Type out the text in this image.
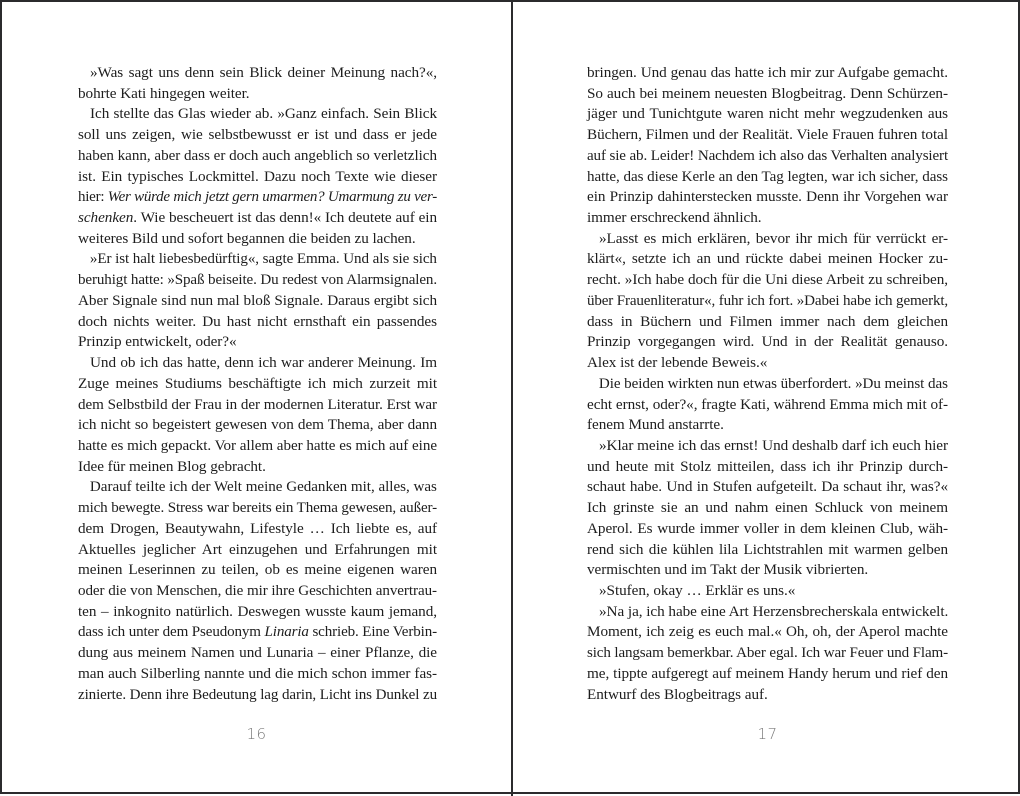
»Was sagt uns denn sein Blick deiner Meinung nach?«,
bohrte Kati hingegen weiter.
Ich stellte das Glas wieder ab. »Ganz einfach. Sein Blick
soll uns zeigen, wie selbstbewusst er ist und dass er jede
haben kann, aber dass er doch auch angeblich so verletzlich
ist. Ein typisches Lockmittel. Dazu noch Texte wie dieser
hier: Wer würde mich jetzt gern umarmen? Umarmung zu ver-
schenken. Wie bescheuert ist das denn!« Ich deutete auf ein
weiteres Bild und sofort begannen die beiden zu lachen.
»Er ist halt liebesbedürftig«, sagte Emma. Und als sie sich
beruhigt hatte: »Spaß beiseite. Du redest von Alarmsignalen.
Aber Signale sind nun mal bloß Signale. Daraus ergibt sich
doch nichts weiter. Du hast nicht ernsthaft ein passendes
Prinzip entwickelt, oder?«
Und ob ich das hatte, denn ich war anderer Meinung. Im
Zuge meines Studiums beschäftigte ich mich zurzeit mit
dem Selbstbild der Frau in der modernen Literatur. Erst war
ich nicht so begeistert gewesen von dem Thema, aber dann
hatte es mich gepackt. Vor allem aber hatte es mich auf eine
Idee für meinen Blog gebracht.
Darauf teilte ich der Welt meine Gedanken mit, alles, was
mich bewegte. Stress war bereits ein Thema gewesen, außer-
dem Drogen, Beautywahn, Lifestyle … Ich liebte es, auf
Aktuelles jeglicher Art einzugehen und Erfahrungen mit
meinen Leserinnen zu teilen, ob es meine eigenen waren
oder die von Menschen, die mir ihre Geschichten anvertrau-
ten – inkognito natürlich. Deswegen wusste kaum jemand,
dass ich unter dem Pseudonym Linaria schrieb. Eine Verbin-
dung aus meinem Namen und Lunaria – einer Pflanze, die
man auch Silberling nannte und die mich schon immer fas-
zinierte. Denn ihre Bedeutung lag darin, Licht ins Dunkel zu
16
bringen. Und genau das hatte ich mir zur Aufgabe gemacht.
So auch bei meinem neuesten Blogbeitrag. Denn Schürzen-
jäger und Tunichtgute waren nicht mehr wegzudenken aus
Büchern, Filmen und der Realität. Viele Frauen fuhren total
auf sie ab. Leider! Nachdem ich also das Verhalten analysiert
hatte, das diese Kerle an den Tag legten, war ich sicher, dass
ein Prinzip dahinterstecken musste. Denn ihr Vorgehen war
immer erschreckend ähnlich.
»Lasst es mich erklären, bevor ihr mich für verrückt er-
klärt«, setzte ich an und rückte dabei meinen Hocker zu-
recht. »Ich habe doch für die Uni diese Arbeit zu schreiben,
über Frauenliteratur«, fuhr ich fort. »Dabei habe ich gemerkt,
dass in Büchern und Filmen immer nach dem gleichen
Prinzip vorgegangen wird. Und in der Realität genauso.
Alex ist der lebende Beweis.«
Die beiden wirkten nun etwas überfordert. »Du meinst das
echt ernst, oder?«, fragte Kati, während Emma mich mit of-
fenem Mund anstarrte.
»Klar meine ich das ernst! Und deshalb darf ich euch hier
und heute mit Stolz mitteilen, dass ich ihr Prinzip durch-
schaut habe. Und in Stufen aufgeteilt. Da schaut ihr, was?«
Ich grinste sie an und nahm einen Schluck von meinem
Aperol. Es wurde immer voller in dem kleinen Club, wäh-
rend sich die kühlen lila Lichtstrahlen mit warmen gelben
vermischten und im Takt der Musik vibrierten.
»Stufen, okay … Erklär es uns.«
»Na ja, ich habe eine Art Herzensbrecherskala entwickelt.
Moment, ich zeig es euch mal.« Oh, oh, der Aperol machte
sich langsam bemerkbar. Aber egal. Ich war Feuer und Flam-
me, tippte aufgeregt auf meinem Handy herum und rief den
Entwurf des Blogbeitrags auf.
17
